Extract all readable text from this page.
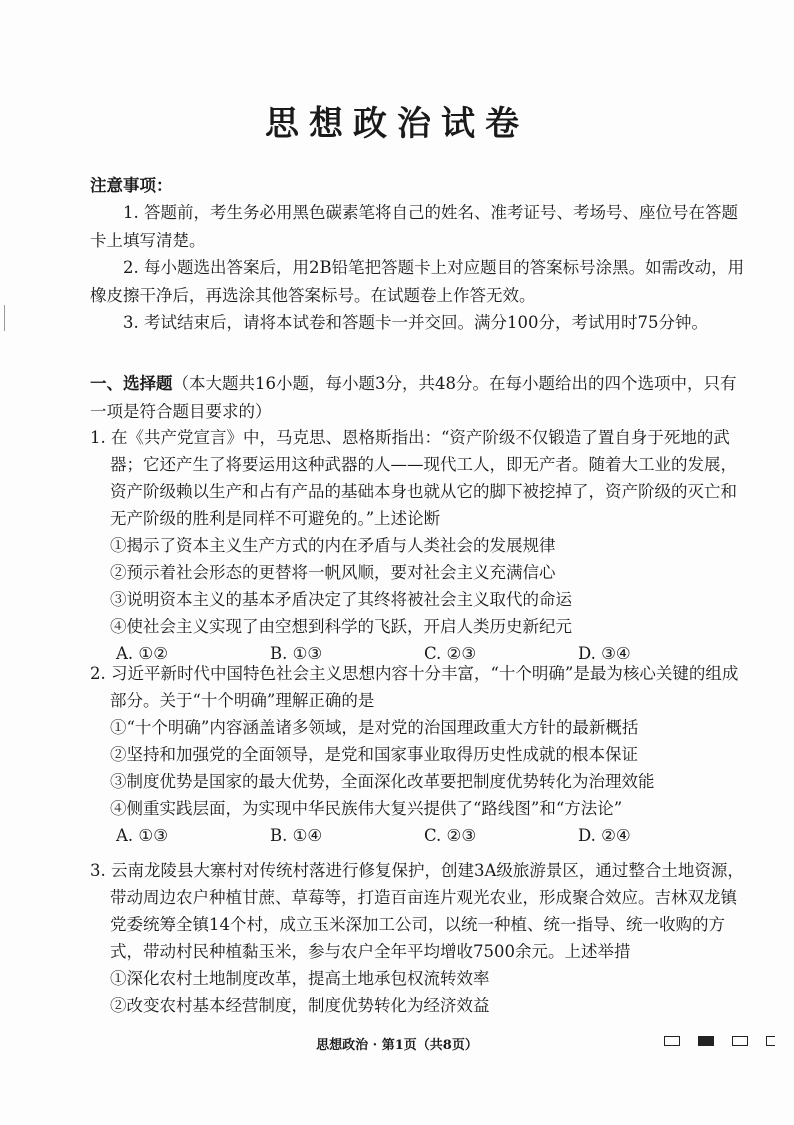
思想政治试卷
注意事项：
1. 答题前，考生务必用黑色碳素笔将自己的姓名、准考证号、考场号、座位号在答题卡上填写清楚。
2. 每小题选出答案后，用2B铅笔把答题卡上对应题目的答案标号涂黑。如需改动，用橡皮擦干净后，再选涂其他答案标号。在试题卷上作答无效。
3. 考试结束后，请将本试卷和答题卡一并交回。满分100分，考试用时75分钟。
一、选择题（本大题共16小题，每小题3分，共48分。在每小题给出的四个选项中，只有一项是符合题目要求的）
1. 在《共产党宣言》中，马克思、恩格斯指出：“资产阶级不仅锻造了置自身于死地的武器；它还产生了将要运用这种武器的人——现代工人，即无产者。随着大工业的发展，资产阶级赖以生产和占有产品的基础本身也就从它的脚下被挖掉了，资产阶级的灭亡和无产阶级的胜利是同样不可避免的。”上述论断
①揭示了资本主义生产方式的内在矛盾与人类社会的发展规律
②预示着社会形态的更替将一帆风顺，要对社会主义充满信心
③说明资本主义的基本矛盾决定了其终将被社会主义取代的命运
④使社会主义实现了由空想到科学的飞跃，开启人类历史新纪元
A. ①②	B. ①③	C. ②③	D. ③④
2. 习近平新时代中国特色社会主义思想内容十分丰富，“十个明确”是最为核心关键的组成部分。关于“十个明确”理解正确的是
①“十个明确”内容涵盖诸多领域，是对党的治国理政重大方针的最新概括
②坚持和加强党的全面领导，是党和国家事业取得历史性成就的根本保证
③制度优势是国家的最大优势，全面深化改革要把制度优势转化为治理效能
④侧重实践层面，为实现中华民族伟大复兴提供了“路线图”和“方法论”
A. ①③	B. ①④	C. ②③	D. ②④
3. 云南龙陵县大寨村对传统村落进行修复保护，创建3A级旅游景区，通过整合土地资源，带动周边农户种植甘蔗、草莓等，打造百亩连片观光农业，形成聚合效应。吉林双龙镇党委统筹全镇14个村，成立玉米深加工公司，以统一种植、统一指导、统一收购的方式，带动村民种植黏玉米，参与农户全年平均增收7500余元。上述举措
①深化农村土地制度改革，提高土地承包权流转效率
②改变农村基本经营制度，制度优势转化为经济效益
思想政治 · 第1页（共8页）
